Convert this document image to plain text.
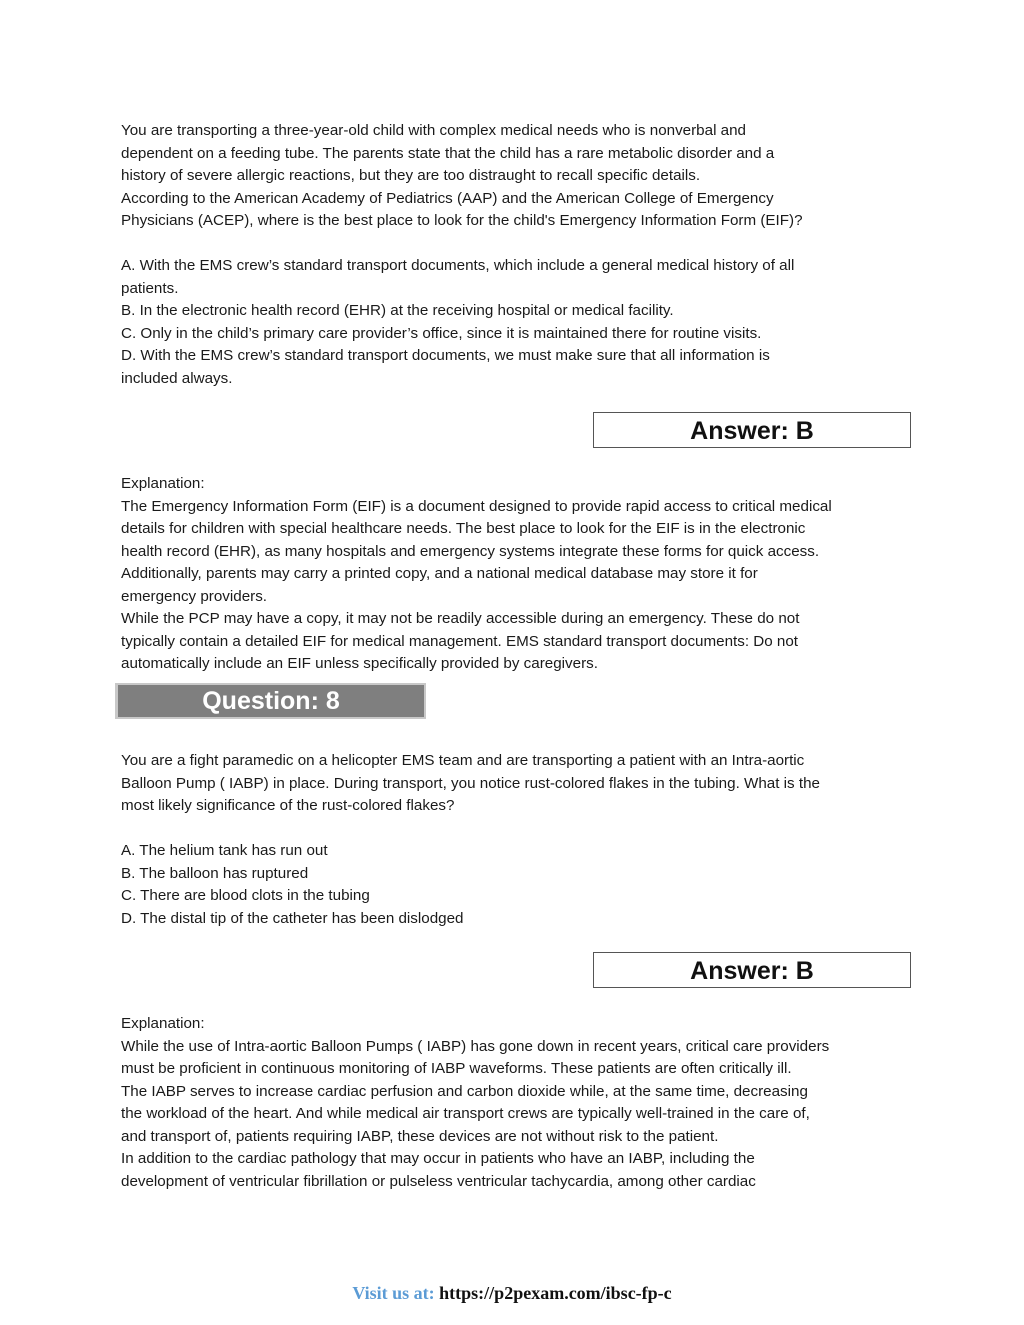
You are transporting a three-year-old child with complex medical needs who is nonverbal and
dependent on a feeding tube. The parents state that the child has a rare metabolic disorder and a
history of severe allergic reactions, but they are too distraught to recall specific details.
According to the American Academy of Pediatrics (AAP) and the American College of Emergency
Physicians (ACEP), where is the best place to look for the child's Emergency Information Form (EIF)?
A. With the EMS crew’s standard transport documents, which include a general medical history of all
patients.
B. In the electronic health record (EHR) at the receiving hospital or medical facility.
C. Only in the child’s primary care provider’s office, since it is maintained there for routine visits.
D. With the EMS crew’s standard transport documents, we must make sure that all information is
included always.
Answer: B
Explanation:
The Emergency Information Form (EIF) is a document designed to provide rapid access to critical medical
details for children with special healthcare needs. The best place to look for the EIF is in the electronic
health record (EHR), as many hospitals and emergency systems integrate these forms for quick access.
Additionally, parents may carry a printed copy, and a national medical database may store it for
emergency providers.
While the PCP may have a copy, it may not be readily accessible during an emergency. These do not
typically contain a detailed EIF for medical management. EMS standard transport documents: Do not
automatically include an EIF unless specifically provided by caregivers.
Question: 8
You are a fight paramedic on a helicopter EMS team and are transporting a patient with an Intra-aortic
Balloon Pump ( IABP) in place. During transport, you notice rust-colored flakes in the tubing. What is the
most likely significance of the rust-colored flakes?
A. The helium tank has run out
B. The balloon has ruptured
C. There are blood clots in the tubing
D. The distal tip of the catheter has been dislodged
Answer: B
Explanation:
While the use of Intra-aortic Balloon Pumps ( IABP) has gone down in recent years, critical care providers
must be proficient in continuous monitoring of IABP waveforms. These patients are often critically ill.
The IABP serves to increase cardiac perfusion and carbon dioxide while, at the same time, decreasing
the workload of the heart. And while medical air transport crews are typically well-trained in the care of,
and transport of, patients requiring IABP, these devices are not without risk to the patient.
In addition to the cardiac pathology that may occur in patients who have an IABP, including the
development of ventricular fibrillation or pulseless ventricular tachycardia, among other cardiac
Visit us at: https://p2pexam.com/ibsc-fp-c
